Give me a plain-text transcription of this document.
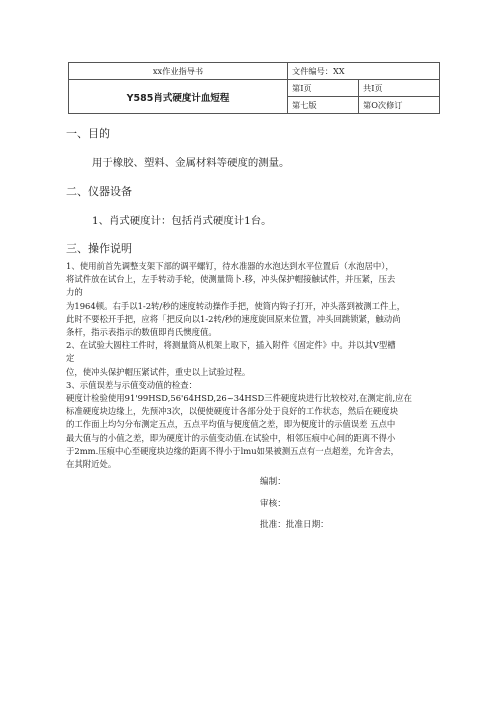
xx作业指导书	文件编号：XX	
Y585肖式硬度计血短程	第I页	共I页
	第七版	第O次修订
一、目的
用于橡胶、塑料、金属材料等硬度的测量。
二、仪器设备
1、肖式硬度计：包括肖式硬度计1台。
三、操作说明
1、使用前首先调整支架下部的调平螺钉，待水准器的水泡达到水平位置后（水泡居中），
将试件放在试台上，左手转动手轮，使测量筒卜.移，冲头保护帽接触试件，并压紧，压去
力的
为1964顿。右手以1-2转/秒的速度转动操作手把，使筒内钩子打开，冲头落到被测工件上，
此时不要松开手把，应将「把反向以1-2转/秒的速度旋回原来位置，冲头回跳锁紧，触动尚
条杆，指示表指示的数值即肖氏懊度值。
2、在试验大圆柱工件时，将测量筒从机架上取下，插入附件《固定件》中。并以其V型槽
定
位，使冲头保护帽压紧试件，重史以上试验过程。
3、示值误差与示值变动值的检查：
硬度计检验使用91'99HSD,56'64HSD,26~34HSD三件硬度块进行比较校对,在测定前,应在
标准硬度块边缘上，先预冲3次，以便使硬度计各部分处于良好的工作状态，然后在硬度块
的工作面上均匀分布测定五点，五点平均值与便度值之差，即为便度计的示值误差 五点中
最大值与的小值之差，即为硬度计的示值变动值.在试验中，相邻压痕中心间的距离不得小
于2mm.压痕中心至硬度块边缘的距离不得小于lmu如果被测五点有一点超差，允许舍去，
在其附近处。
编制：
审核：
批准：批准日期：
